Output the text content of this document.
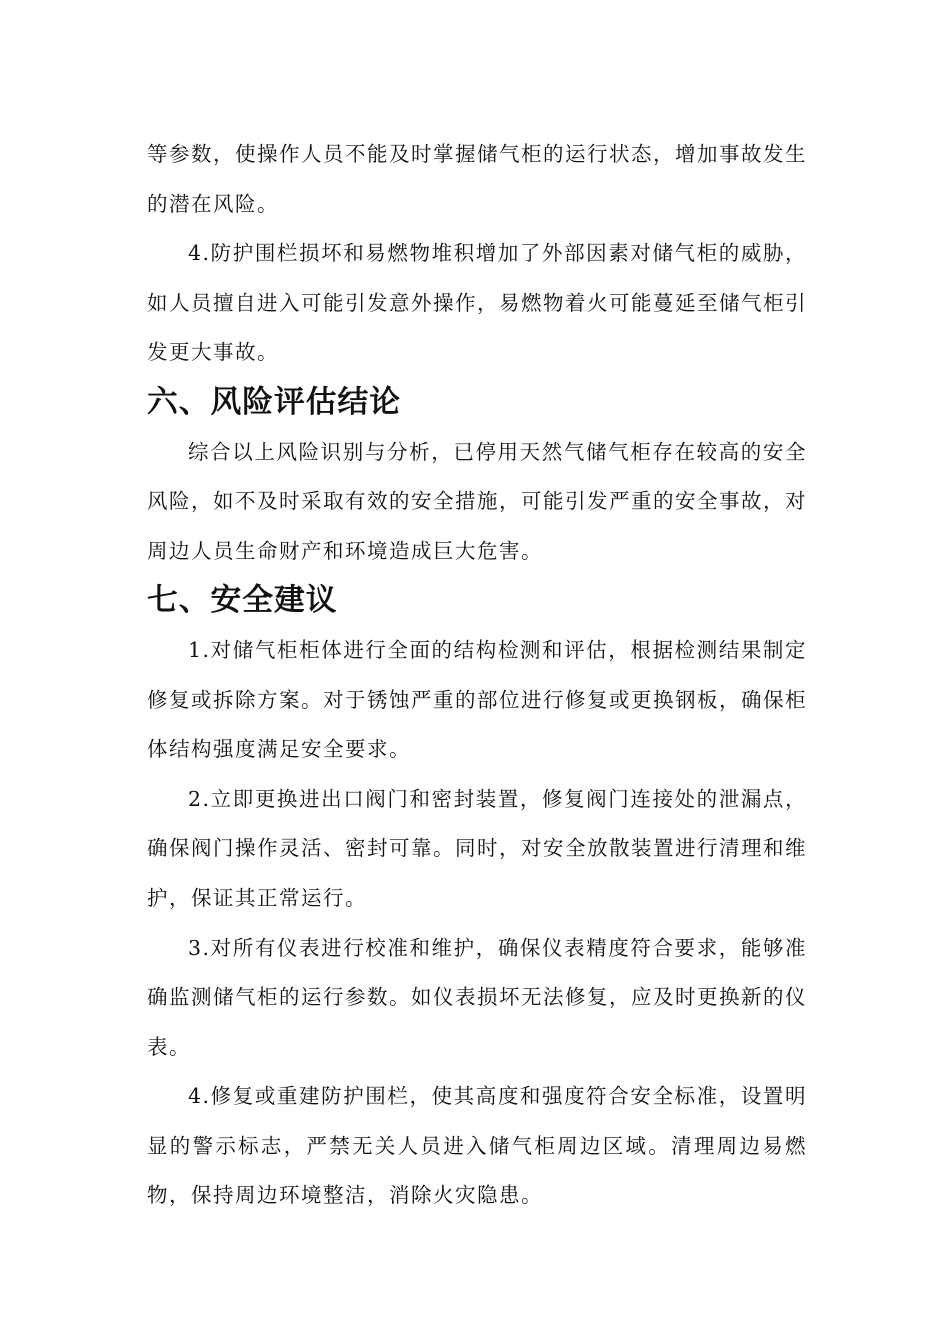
等参数，使操作人员不能及时掌握储气柜的运行状态，增加事故发生的潜在风险。

4.防护围栏损坏和易燃物堆积增加了外部因素对储气柜的威胁，如人员擅自进入可能引发意外操作，易燃物着火可能蔓延至储气柜引发更大事故。

六、风险评估结论

综合以上风险识别与分析，已停用天然气储气柜存在较高的安全风险，如不及时采取有效的安全措施，可能引发严重的安全事故，对周边人员生命财产和环境造成巨大危害。

七、安全建议

1.对储气柜柜体进行全面的结构检测和评估，根据检测结果制定修复或拆除方案。对于锈蚀严重的部位进行修复或更换钢板，确保柜体结构强度满足安全要求。

2.立即更换进出口阀门和密封装置，修复阀门连接处的泄漏点，确保阀门操作灵活、密封可靠。同时，对安全放散装置进行清理和维护，保证其正常运行。

3.对所有仪表进行校准和维护，确保仪表精度符合要求，能够准确监测储气柜的运行参数。如仪表损坏无法修复，应及时更换新的仪表。

4.修复或重建防护围栏，使其高度和强度符合安全标准，设置明显的警示标志，严禁无关人员进入储气柜周边区域。清理周边易燃物，保持周边环境整洁，消除火灾隐患。
